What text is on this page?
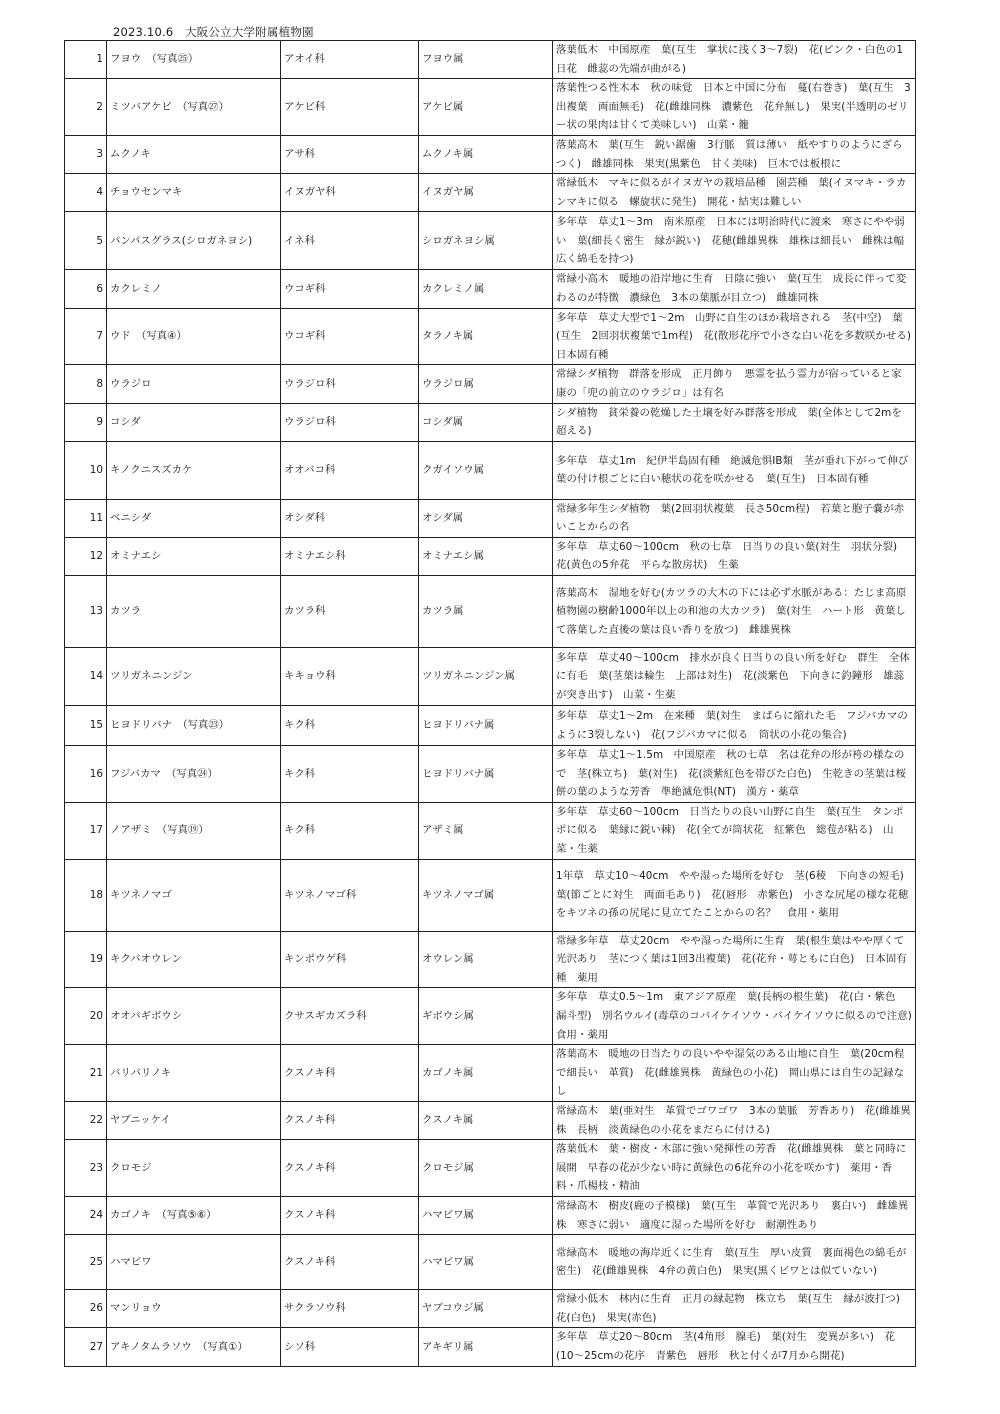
2023.10.6　大阪公立大学附属植物園
1	フヨウ　（写真㉕）	アオイ科	フヨウ属	落葉低木　中国原産　葉(互生　掌状に浅く3～7裂)　花(ピンク・白色の1日花　雌蕊の先端が曲がる)
2	ミツバアケビ　（写真㉗）	アケビ科	アケビ属	落葉性つる性木本　秋の味覚　日本と中国に分布　蔓(右巻き)　葉(互生　3出複葉　両面無毛)　花(雌雄同株　濃紫色　花弁無し)　果実(半透明のゼリー状の果肉は甘くて美味しい)　山菜・籠
3	ムクノキ	アサ科	ムクノキ属	落葉高木　葉(互生　鋭い鋸歯　3行脈　質は薄い　紙やすりのようにざらつく)　雌雄同株　果実(黒紫色　甘く美味)　巨木では板根に
4	チョウセンマキ	イヌガヤ科	イヌガヤ属	常緑低木　マキに似るがイヌガヤの栽培品種　園芸種　葉(イヌマキ・ラカンマキに似る　螺旋状に発生)　開花・結実は難しい
5	パンパスグラス(シロガネヨシ)	イネ科	シロガネヨシ属	多年草　草丈1～3m　南米原産　日本には明治時代に渡来　寒さにやや弱い　葉(細長く密生　縁が鋭い)　花穂(雌雄異株　雄株は細長い　雌株は幅広く綿毛を持つ)
6	カクレミノ	ウコギ科	カクレミノ属	常緑小高木　暖地の沿岸地に生育　日陰に強い　葉(互生　成長に伴って変わるのが特徴　濃緑色　3本の葉脈が目立つ)　雌雄同株
7	ウド　（写真④）	ウコギ科	タラノキ属	多年草　草丈大型で1～2m　山野に自生のほか栽培される　茎(中空)　葉(互生　2回羽状複葉で1m程)　花(散形花序で小さな白い花を多数咲かせる)　日本固有種
8	ウラジロ	ウラジロ科	ウラジロ属	常緑シダ植物　群落を形成　正月飾り　悪霊を払う霊力が宿っていると家康の「兜の前立のウラジロ」は有名
9	コシダ	ウラジロ科	コシダ属	シダ植物　貧栄養の乾燥した土壌を好み群落を形成　葉(全体として2mを超える)
10	キノクニスズカケ	オオバコ科	クガイソウ属	多年草　草丈1m　紀伊半島固有種　絶滅危惧IB類　茎が垂れ下がって伸び葉の付け根ごとに白い穂状の花を咲かせる　葉(互生)　日本固有種
11	ベニシダ	オシダ科	オシダ属	常緑多年生シダ植物　葉(2回羽状複葉　長さ50cm程)　若葉と胞子嚢が赤いことからの名
12	オミナエシ	オミナエシ科	オミナエシ属	多年草　草丈60～100cm　秋の七草　日当りの良い葉(対生　羽状分裂)　花(黄色の5弁花　平らな散房状)　生薬
13	カツラ	カツラ科	カツラ属	落葉高木　湿地を好む(カツラの大木の下には必ず水脈がある：たじま高原植物園の樹齢1000年以上の和池の大カツラ)　葉(対生　ハート形　黄葉して落葉した直後の葉は良い香りを放つ)　雌雄異株
14	ツリガネニンジン	キキョウ科	ツリガネニンジン属	多年草　草丈40～100cm　排水が良く日当りの良い所を好む　群生　全体に有毛　葉(茎葉は輪生　上部は対生)　花(淡紫色　下向きに釣鐘形　雄蕊が突き出す)　山菜・生薬
15	ヒヨドリバナ　（写真㉓）	キク科	ヒヨドリバナ属	多年草　草丈1～2m　在来種　葉(対生　まばらに縮れた毛　フジバカマのように3裂しない)　花(フジバカマに似る　筒状の小花の集合)
16	フジバカマ　（写真㉔）	キク科	ヒヨドリバナ属	多年草　草丈1～1.5m　中国原産　秋の七草　名は花弁の形が袴の様なので　茎(株立ち)　葉(対生)　花(淡紫紅色を帯びた白色)　生乾きの茎葉は桜餅の葉のような芳香　準絶滅危惧(NT)　漢方・薬草
17	ノアザミ　（写真⑲）	キク科	アザミ属	多年草　草丈60～100cm　日当たりの良い山野に自生　葉(互生　タンポポに似る　葉縁に鋭い棘)　花(全てが筒状花　紅紫色　総苞が粘る)　山菜・生薬
18	キツネノマゴ	キツネノマゴ科	キツネノマゴ属	1年草　草丈10～40cm　やや湿った場所を好む　茎(6稜　下向きの短毛)　葉(節ごとに対生　両面毛あり)　花(唇形　赤紫色)　小さな尻尾の様な花穂をキツネの孫の尻尾に見立てたことからの名？　食用・薬用
19	キクバオウレン	キンポウゲ科	オウレン属	常緑多年草　草丈20cm　やや湿った場所に生育　葉(根生葉はやや厚くて光沢あり　茎につく葉は1回3出複葉)　花(花弁・萼ともに白色)　日本固有種　薬用
20	オオバギボウシ	クサスギカズラ科	ギボウシ属	多年草　草丈0.5～1m　東アジア原産　葉(長柄の根生葉)　花(白・紫色　漏斗型)　別名ウルイ(毒草のコバイケイソウ・バイケイソウに似るので注意)　食用・薬用
21	バリバリノキ	クスノキ科	カゴノキ属	落葉高木　暖地の日当たりの良いやや湿気のある山地に自生　葉(20cm程で細長い　革質)　花(雌雄異株　黄緑色の小花)　岡山県には自生の記録なし
22	ヤブニッケイ	クスノキ科	クスノキ属	常緑高木　葉(亜対生　革質でゴワゴワ　3本の葉脈　芳香あり)　花(雌雄異株　長柄　淡黄緑色の小花をまだらに付ける)
23	クロモジ	クスノキ科	クロモジ属	落葉低木　葉・樹皮・木部に強い発揮性の芳香　花(雌雄異株　葉と同時に展開　早春の花が少ない時に黄緑色の6花弁の小花を咲かす)　薬用・香料・爪楊枝・精油
24	カゴノキ　（写真⑤⑥）	クスノキ科	ハマビワ属	常緑高木　樹皮(鹿の子模様)　葉(互生　革質で光沢あり　裏白い)　雌雄異株　寒さに弱い　適度に湿った場所を好む　耐潮性あり
25	ハマビワ	クスノキ科	ハマビワ属	常緑高木　暖地の海岸近くに生育　葉(互生　厚い皮質　裏面褐色の綿毛が密生)　花(雌雄異株　4弁の黄白色)　果実(黒くビワとは似ていない)
26	マンリョウ	サクラソウ科	ヤブコウジ属	常緑小低木　林内に生育　正月の縁起物　株立ち　葉(互生　縁が波打つ)　花(白色)　果実(赤色)
27	アキノタムラソウ　（写真①）	シソ科	アキギリ属	多年草　草丈20～80cm　茎(4角形　腺毛)　葉(対生　変異が多い)　花(10～25cmの花序　青紫色　唇形　秋と付くが7月から開花)
